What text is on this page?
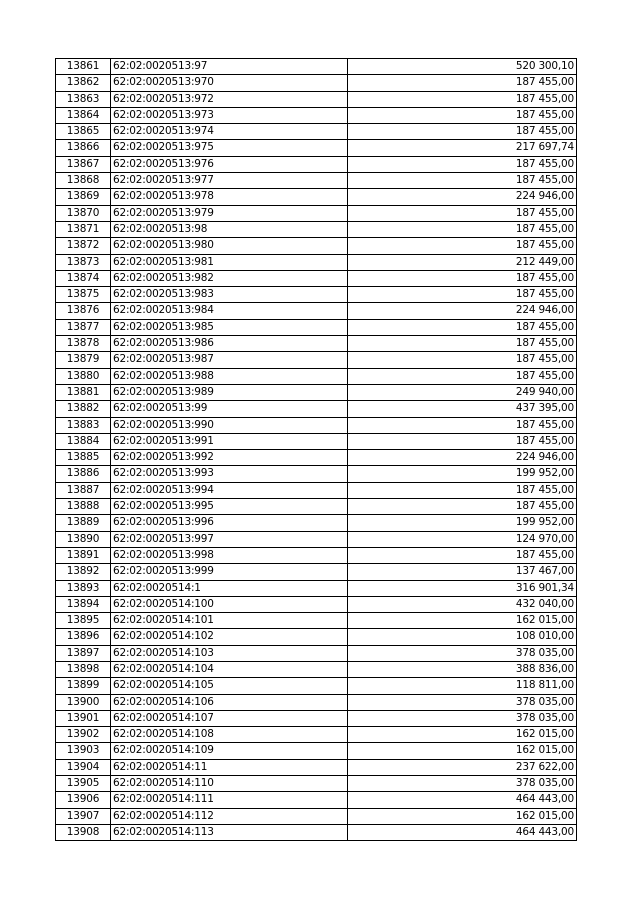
13861	62:02:0020513:97	520 300,10
13862	62:02:0020513:970	187 455,00
13863	62:02:0020513:972	187 455,00
13864	62:02:0020513:973	187 455,00
13865	62:02:0020513:974	187 455,00
13866	62:02:0020513:975	217 697,74
13867	62:02:0020513:976	187 455,00
13868	62:02:0020513:977	187 455,00
13869	62:02:0020513:978	224 946,00
13870	62:02:0020513:979	187 455,00
13871	62:02:0020513:98	187 455,00
13872	62:02:0020513:980	187 455,00
13873	62:02:0020513:981	212 449,00
13874	62:02:0020513:982	187 455,00
13875	62:02:0020513:983	187 455,00
13876	62:02:0020513:984	224 946,00
13877	62:02:0020513:985	187 455,00
13878	62:02:0020513:986	187 455,00
13879	62:02:0020513:987	187 455,00
13880	62:02:0020513:988	187 455,00
13881	62:02:0020513:989	249 940,00
13882	62:02:0020513:99	437 395,00
13883	62:02:0020513:990	187 455,00
13884	62:02:0020513:991	187 455,00
13885	62:02:0020513:992	224 946,00
13886	62:02:0020513:993	199 952,00
13887	62:02:0020513:994	187 455,00
13888	62:02:0020513:995	187 455,00
13889	62:02:0020513:996	199 952,00
13890	62:02:0020513:997	124 970,00
13891	62:02:0020513:998	187 455,00
13892	62:02:0020513:999	137 467,00
13893	62:02:0020514:1	316 901,34
13894	62:02:0020514:100	432 040,00
13895	62:02:0020514:101	162 015,00
13896	62:02:0020514:102	108 010,00
13897	62:02:0020514:103	378 035,00
13898	62:02:0020514:104	388 836,00
13899	62:02:0020514:105	118 811,00
13900	62:02:0020514:106	378 035,00
13901	62:02:0020514:107	378 035,00
13902	62:02:0020514:108	162 015,00
13903	62:02:0020514:109	162 015,00
13904	62:02:0020514:11	237 622,00
13905	62:02:0020514:110	378 035,00
13906	62:02:0020514:111	464 443,00
13907	62:02:0020514:112	162 015,00
13908	62:02:0020514:113	464 443,00
